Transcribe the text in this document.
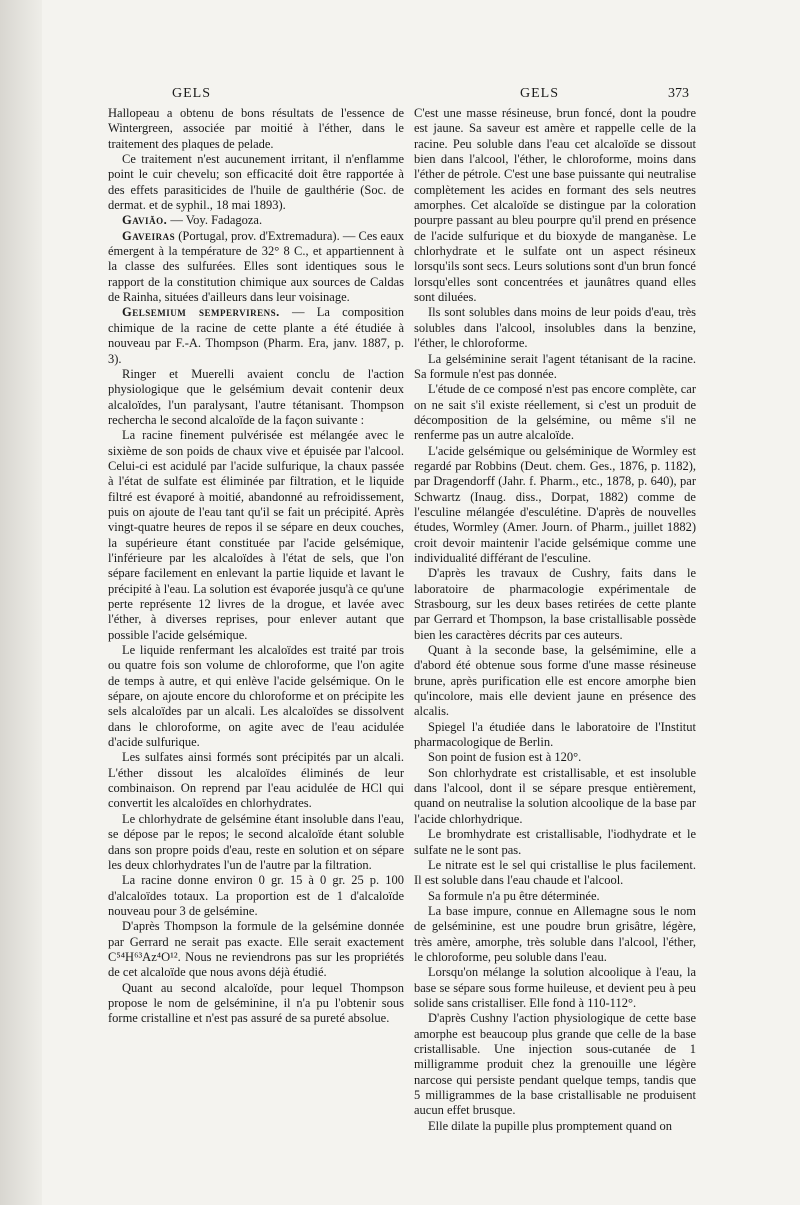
GELS	GELS	373

Hallopeau a obtenu de bons résultats de l'essence de Wintergreen, associée par moitié à l'éther, dans le traitement des plaques de pelade.

Ce traitement n'est aucunement irritant, il n'enflamme point le cuir chevelu; son efficacité doit être rapportée à des effets parasiticides de l'huile de gaulthérie (Soc. de dermat. et de syphil., 18 mai 1893).

Gavião. — Voy. Fadagoza.

Gaveiras (Portugal, prov. d'Extremadura). — Ces eaux émergent à la température de 32° 8 C., et appartiennent à la classe des sulfurées. Elles sont identiques sous le rapport de la constitution chimique aux sources de Caldas de Rainha, situées d'ailleurs dans leur voisinage.

Gelsemium sempervirens. — La composition chimique de la racine de cette plante a été étudiée à nouveau par F.-A. Thompson (Pharm. Era, janv. 1887, p. 3).

Ringer et Muerelli avaient conclu de l'action physiologique que le gelsémium devait contenir deux alcaloïdes, l'un paralysant, l'autre tétanisant. Thompson rechercha le second alcaloïde de la façon suivante :

La racine finement pulvérisée est mélangée avec le sixième de son poids de chaux vive et épuisée par l'alcool. Celui-ci est acidulé par l'acide sulfurique, la chaux passée à l'état de sulfate est éliminée par filtration, et le liquide filtré est évaporé à moitié, abandonné au refroidissement, puis on ajoute de l'eau tant qu'il se fait un précipité. Après vingt-quatre heures de repos il se sépare en deux couches, la supérieure étant constituée par l'acide gelsémique, l'inférieure par les alcaloïdes à l'état de sels, que l'on sépare facilement en enlevant la partie liquide et lavant le précipité à l'eau. La solution est évaporée jusqu'à ce qu'une perte représente 12 livres de la drogue, et lavée avec l'éther, à diverses reprises, pour enlever autant que possible l'acide gelsémique.

Le liquide renfermant les alcaloïdes est traité par trois ou quatre fois son volume de chloroforme, que l'on agite de temps à autre, et qui enlève l'acide gelsémique. On le sépare, on ajoute encore du chloroforme et on précipite les sels alcaloïdes par un alcali. Les alcaloïdes se dissolvent dans le chloroforme, on agite avec de l'eau acidulée d'acide sulfurique.

Les sulfates ainsi formés sont précipités par un alcali. L'éther dissout les alcaloïdes éliminés de leur combinaison. On reprend par l'eau acidulée de HCl qui convertit les alcaloïdes en chlorhydrates.

Le chlorhydrate de gelsémine étant insoluble dans l'eau, se dépose par le repos; le second alcaloïde étant soluble dans son propre poids d'eau, reste en solution et on sépare les deux chlorhydrates l'un de l'autre par la filtration.

La racine donne environ 0 gr. 15 à 0 gr. 25 p. 100 d'alcaloïdes totaux. La proportion est de 1 d'alcaloïde nouveau pour 3 de gelsémine.

D'après Thompson la formule de la gelsémine donnée par Gerrard ne serait pas exacte. Elle serait exactement C⁵⁴H⁶³Az⁴O¹². Nous ne reviendrons pas sur les propriétés de cet alcaloïde que nous avons déjà étudié.

Quant au second alcaloïde, pour lequel Thompson propose le nom de gelséminine, il n'a pu l'obtenir sous forme cristalline et n'est pas assuré de sa pureté absolue.

C'est une masse résineuse, brun foncé, dont la poudre est jaune. Sa saveur est amère et rappelle celle de la racine. Peu soluble dans l'eau cet alcaloïde se dissout bien dans l'alcool, l'éther, le chloroforme, moins dans l'éther de pétrole. C'est une base puissante qui neutralise complètement les acides en formant des sels neutres amorphes. Cet alcaloïde se distingue par la coloration pourpre passant au bleu pourpre qu'il prend en présence de l'acide sulfurique et du bioxyde de manganèse. Le chlorhydrate et le sulfate ont un aspect résineux lorsqu'ils sont secs. Leurs solutions sont d'un brun foncé lorsqu'elles sont concentrées et jaunâtres quand elles sont diluées.

Ils sont solubles dans moins de leur poids d'eau, très solubles dans l'alcool, insolubles dans la benzine, l'éther, le chloroforme.

La gelséminine serait l'agent tétanisant de la racine. Sa formule n'est pas donnée.

L'étude de ce composé n'est pas encore complète, car on ne sait s'il existe réellement, si c'est un produit de décomposition de la gelsémine, ou même s'il ne renferme pas un autre alcaloïde.

L'acide gelsémique ou gelséminique de Wormley est regardé par Robbins (Deut. chem. Ges., 1876, p. 1182), par Dragendorff (Jahr. f. Pharm., etc., 1878, p. 640), par Schwartz (Inaug. diss., Dorpat, 1882) comme de l'esculine mélangée d'esculétine. D'après de nouvelles études, Wormley (Amer. Journ. of Pharm., juillet 1882) croit devoir maintenir l'acide gelsémique comme une individualité différant de l'esculine.

D'après les travaux de Cushry, faits dans le laboratoire de pharmacologie expérimentale de Strasbourg, sur les deux bases retirées de cette plante par Gerrard et Thompson, la base cristallisable possède bien les caractères décrits par ces auteurs.

Quant à la seconde base, la gelsémimine, elle a d'abord été obtenue sous forme d'une masse résineuse brune, après purification elle est encore amorphe bien qu'incolore, mais elle devient jaune en présence des alcalis.

Spiegel l'a étudiée dans le laboratoire de l'Institut pharmacologique de Berlin.

Son point de fusion est à 120°.

Son chlorhydrate est cristallisable, et est insoluble dans l'alcool, dont il se sépare presque entièrement, quand on neutralise la solution alcoolique de la base par l'acide chlorhydrique.

Le bromhydrate est cristallisable, l'iodhydrate et le sulfate ne le sont pas.

Le nitrate est le sel qui cristallise le plus facilement. Il est soluble dans l'eau chaude et l'alcool.

Sa formule n'a pu être déterminée.

La base impure, connue en Allemagne sous le nom de gelséminine, est une poudre brun grisâtre, légère, très amère, amorphe, très soluble dans l'alcool, l'éther, le chloroforme, peu soluble dans l'eau.

Lorsqu'on mélange la solution alcoolique à l'eau, la base se sépare sous forme huileuse, et devient peu à peu solide sans cristalliser. Elle fond à 110-112°.

D'après Cushny l'action physiologique de cette base amorphe est beaucoup plus grande que celle de la base cristallisable. Une injection sous-cutanée de 1 milligramme produit chez la grenouille une légère narcose qui persiste pendant quelque temps, tandis que 5 milligrammes de la base cristallisable ne produisent aucun effet brusque.

Elle dilate la pupille plus promptement quand on
